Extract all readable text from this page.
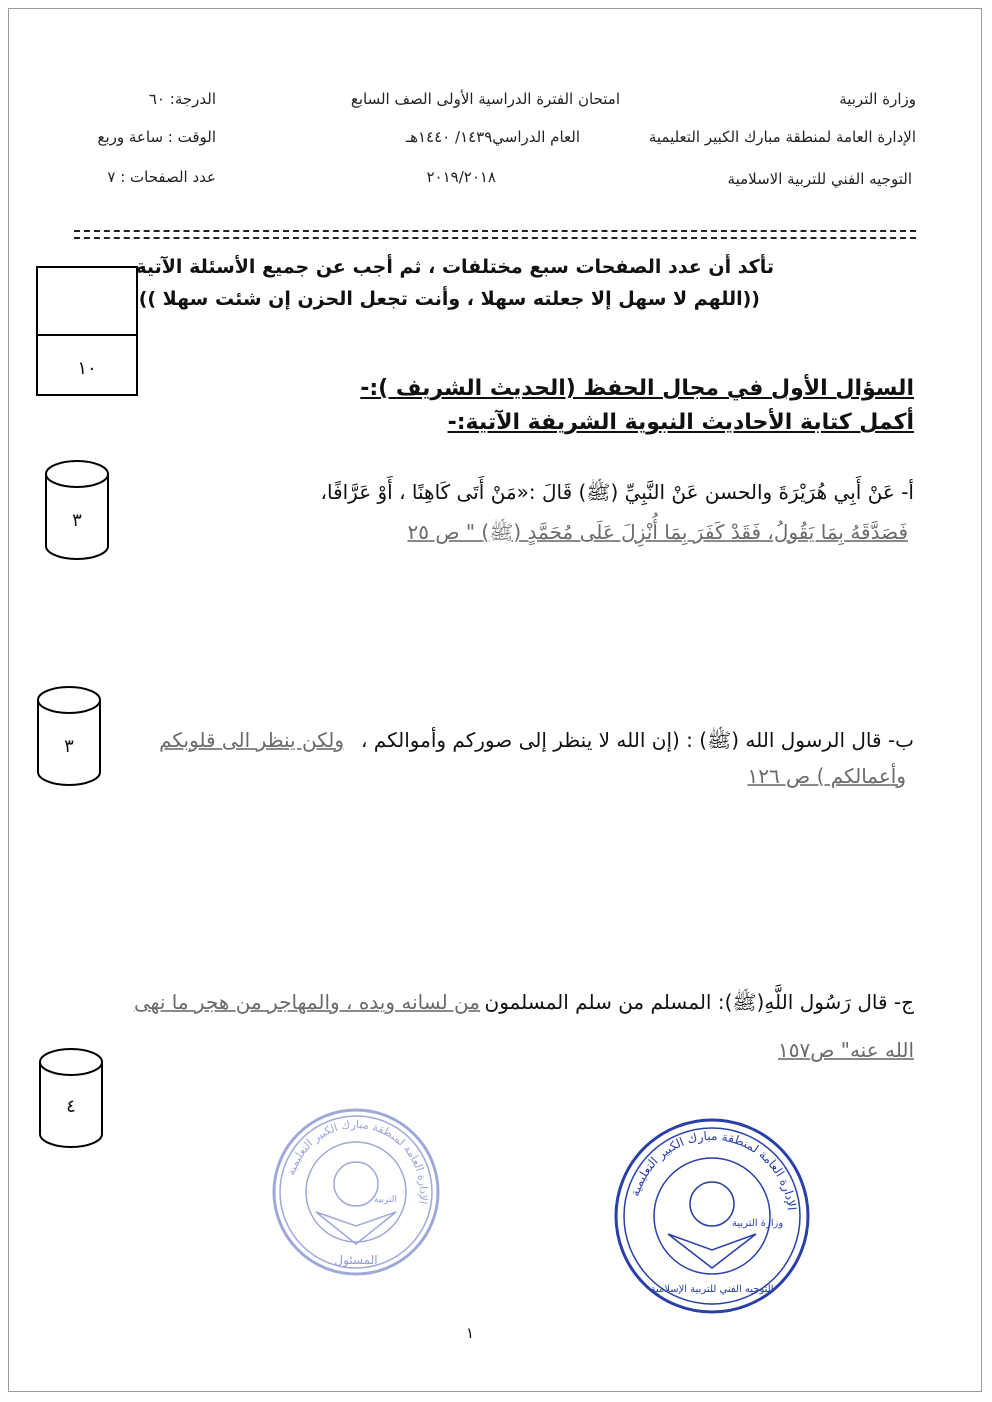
وزارة التربية
الإدارة العامة لمنطقة مبارك الكبير التعليمية
التوجيه الفني للتربية الاسلامية
امتحان الفترة الدراسية الأولى الصف السابع
العام الدراسي١٤٣٩/ ١٤٤٠هـ
٢٠١٩/٢٠١٨
الدرجة: ٦٠
الوقت : ساعة وربع
عدد الصفحات : ٧
تأكد أن عدد الصفحات سبع مختلفات ، ثم أجب عن جميع الأسئلة الآتية
((اللهم لا سهل إلا جعلته سهلا ، وأنت تجعل الحزن إن شئت سهلا ))
١٠
السؤال الأول في مجال الحفظ (الحديث الشريف ):-
أكمل كتابة الأحاديث النبوية الشريفة الآتية:-
أ- عَنْ أَبِي هُرَيْرَةَ والحسن عَنْ النَّبِيِّ (ﷺ) قَالَ :«مَنْ أَتَى كَاهِنًا ، أَوْ عَرَّافًا،
فَصَدَّقَهُ بِمَا يَقُولُ، فَقَدْ كَفَرَ بِمَا أُنْزِلَ عَلَى مُحَمَّدٍ (ﷺ) " ص ٢٥
ب- قال الرسول الله (ﷺ) : (إن الله لا ينظر إلى صوركم وأموالكم ،
ولكن ينظر الى قلوبكم
وأعمالكم ) ص ١٢٦
ج- قال رَسُول اللَّهِ(ﷺ): المسلم من سلم المسلمون
من لسانه ويده ، والمهاجر من هجر ما نهى
الله عنه" ص١٥٧
٣
٣
٤
الإدارة العامة لمنطقة مبارك الكبير التعليمية
التربية
المسئول
الإدارة العامة لمنطقة مبارك الكبير التعليمية
وزارة التربية
التوجيه الفني للتربية الإسلامية
١
